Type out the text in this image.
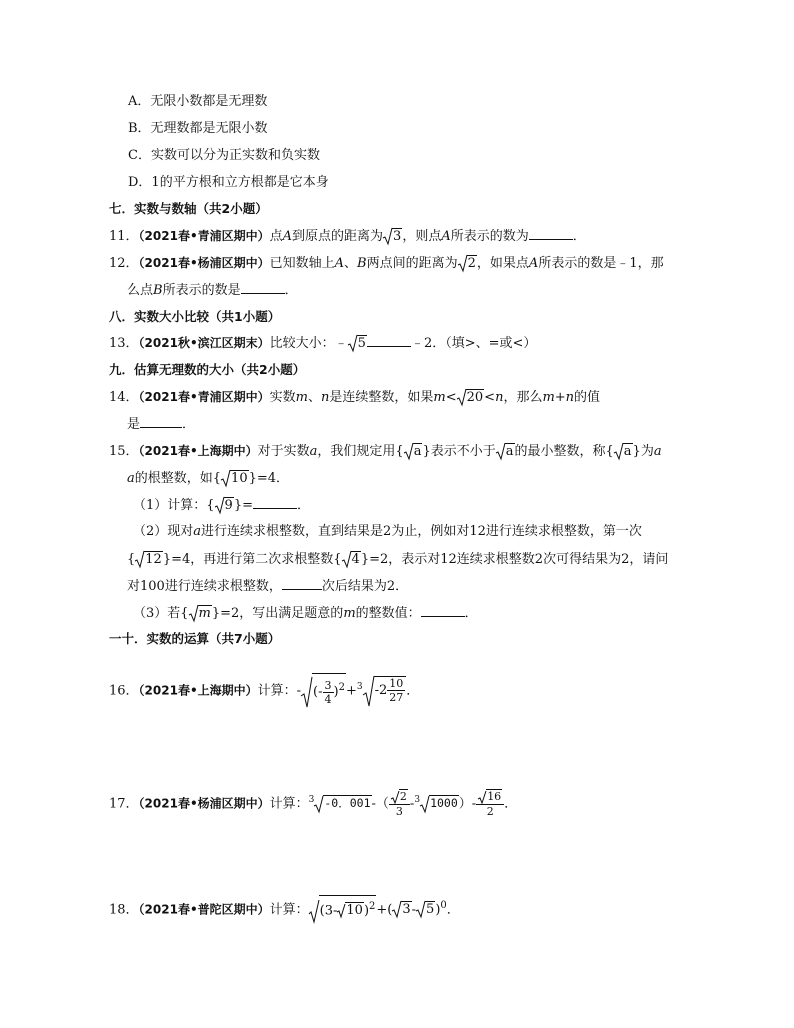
A．无限小数都是无理数
B．无理数都是无限小数
C．实数可以分为正实数和负实数
D．1的平方根和立方根都是它本身
七．实数与数轴（共2小题）
11．（2021春•青浦区期中）点A到原点的距离为 3，则点A所表示的数为	．
12．（2021春•杨浦区期中）已知数轴上A、B两点间的距离为 2，如果点A所表示的数是﹣1，那
么点B所表示的数是	．
八．实数大小比较（共1小题）
13．（2021秋•滨江区期末）比较大小：﹣ 5	﹣2．（填>、=或<）
九．估算无理数的大小（共2小题）
14．（2021春•青浦区期中）实数m、n是连续整数，如果m< 20<n，那么m+n的值
是	．
15．（2021春•上海期中）对于实数a，我们规定用{ a}表示不小于 a的最小整数，称{ a}为a
a的根整数，如{ 10}=4．
（1）计算：{ 9}=	．
（2）现对a进行连续求根整数，直到结果是2为止，例如对12进行连续求根整数，第一次
{ 12}=4，再进行第二次求根整数{ 4}=2，表示对12连续求根整数2次可得结果为2，请问
对100进行连续求根整数，	次后结果为2．
（3）若{ m}=2，写出满足题意的m的整数值：	．
一十．实数的运算（共7小题）
16．（2021春•上海期中）计算：- (- $\frac{3}{4} )^2+^3$ $-2 \frac{10}{27}$ ．
17．（2021春•杨浦区期中）计算：$^3$ -0．$001-( \frac{2}{3} -^3$ $1000)- \frac{16}{2}$ ．
18．（2021春•普陀区期中）计算： (3- 10)$^2$+( 3- 5)$^0$．
